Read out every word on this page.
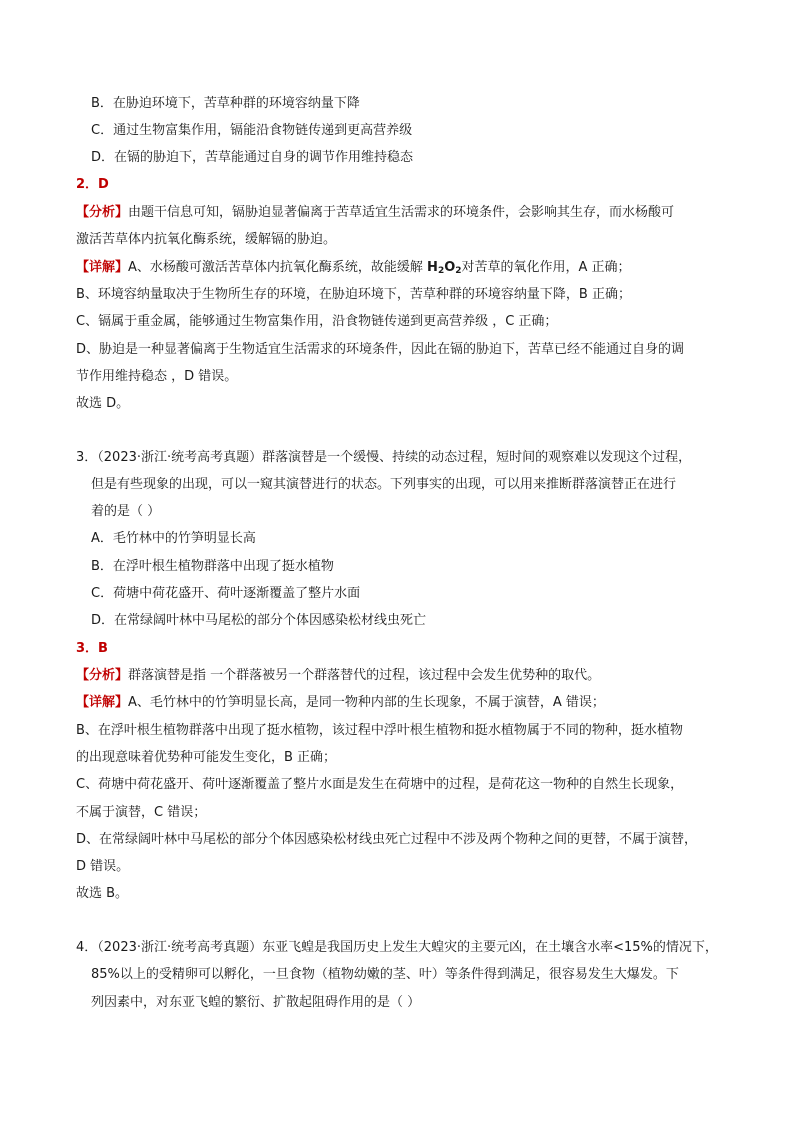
B．在胁迫环境下，苦草种群的环境容纳量下降
C．通过生物富集作用，镉能沿食物链传递到更高营养级
D．在镉的胁迫下，苦草能通过自身的调节作用维持稳态
2．D
【分析】由题干信息可知，镉胁迫显著偏离于苦草适宜生活需求的环境条件，会影响其生存，而水杨酸可
激活苦草体内抗氧化酶系统，缓解镉的胁迫。
【详解】A、水杨酸可激活苦草体内抗氧化酶系统，故能缓解 $H_2O_2$对苦草的氧化作用，A 正确；
B、环境容纳量取决于生物所生存的环境，在胁迫环境下，苦草种群的环境容纳量下降，B 正确；
C、镉属于重金属，能够通过生物富集作用，沿食物链传递到更高营养级 ，C 正确；
D、胁迫是一种显著偏离于生物适宜生活需求的环境条件，因此在镉的胁迫下，苦草已经不能通过自身的调
节作用维持稳态 ，D 错误。
故选 D。
3．（2023·浙江·统考高考真题）群落演替是一个缓慢、持续的动态过程，短时间的观察难以发现这个过程，
但是有些现象的出现，可以一窥其演替进行的状态。下列事实的出现，可以用来推断群落演替正在进行
着的是（ ）
A．毛竹林中的竹笋明显长高
B．在浮叶根生植物群落中出现了挺水植物
C．荷塘中荷花盛开、荷叶逐渐覆盖了整片水面
D．在常绿阔叶林中马尾松的部分个体因感染松材线虫死亡
3．B
【分析】群落演替是指 一个群落被另一个群落替代的过程，该过程中会发生优势种的取代。
【详解】A、毛竹林中的竹笋明显长高，是同一物种内部的生长现象，不属于演替，A 错误；
B、在浮叶根生植物群落中出现了挺水植物，该过程中浮叶根生植物和挺水植物属于不同的物种，挺水植物
的出现意味着优势种可能发生变化，B 正确；
C、荷塘中荷花盛开、荷叶逐渐覆盖了整片水面是发生在荷塘中的过程，是荷花这一物种的自然生长现象，
不属于演替，C 错误；
D、在常绿阔叶林中马尾松的部分个体因感染松材线虫死亡过程中不涉及两个物种之间的更替，不属于演替，
D 错误。
故选 B。
4．（2023·浙江·统考高考真题）东亚飞蝗是我国历史上发生大蝗灾的主要元凶，在土壤含水率<15%的情况下，
85%以上的受精卵可以孵化，一旦食物（植物幼嫩的茎、叶）等条件得到满足，很容易发生大爆发。下
列因素中，对东亚飞蝗的繁衍、扩散起阻碍作用的是（ ）
